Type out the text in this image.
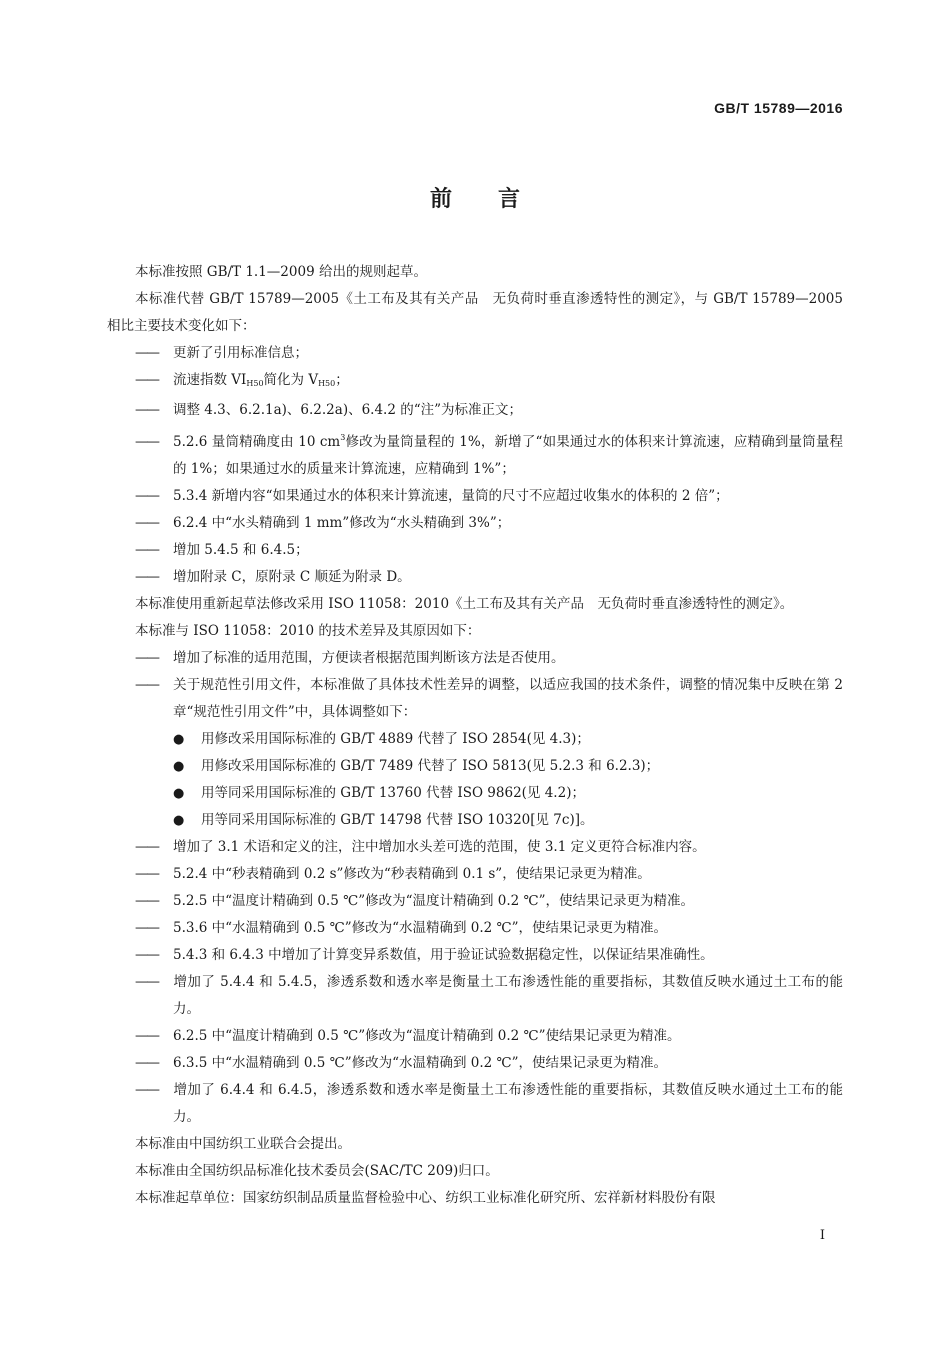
GB/T 15789—2016
前言
本标准按照 GB/T 1.1—2009 给出的规则起草。
本标准代替 GB/T 15789—2005《土工布及其有关产品　无负荷时垂直渗透特性的测定》，与 GB/T 15789—2005 相比主要技术变化如下：
—— 更新了引用标准信息；
—— 流速指数 $VI_{H50}$简化为 $V_{H50}$；
—— 调整 4.3、6.2.1a)、6.2.2a)、6.4.2 的“注”为标准正文；
—— 5.2.6 量筒精确度由 10 $cm^3$修改为量筒量程的 1%，新增了“如果通过水的体积来计算流速，应精确到量筒量程的 1%；如果通过水的质量来计算流速，应精确到 1%”；
—— 5.3.4 新增内容“如果通过水的体积来计算流速，量筒的尺寸不应超过收集水的体积的 2 倍”；
—— 6.2.4 中“水头精确到 1 mm”修改为“水头精确到 3%”；
—— 增加 5.4.5 和 6.4.5；
—— 增加附录 C，原附录 C 顺延为附录 D。
本标准使用重新起草法修改采用 ISO 11058：2010《土工布及其有关产品　无负荷时垂直渗透特性的测定》。
本标准与 ISO 11058：2010 的技术差异及其原因如下：
—— 增加了标准的适用范围，方便读者根据范围判断该方法是否使用。
—— 关于规范性引用文件，本标准做了具体技术性差异的调整，以适应我国的技术条件，调整的情况集中反映在第 2 章“规范性引用文件”中，具体调整如下：
● 用修改采用国际标准的 GB/T 4889 代替了 ISO 2854(见 4.3)；
● 用修改采用国际标准的 GB/T 7489 代替了 ISO 5813(见 5.2.3 和 6.2.3)；
● 用等同采用国际标准的 GB/T 13760 代替 ISO 9862(见 4.2)；
● 用等同采用国际标准的 GB/T 14798 代替 ISO 10320[见 7c)]。
—— 增加了 3.1 术语和定义的注，注中增加水头差可选的范围，使 3.1 定义更符合标准内容。
—— 5.2.4 中“秒表精确到 0.2 s”修改为“秒表精确到 0.1 s”，使结果记录更为精准。
—— 5.2.5 中“温度计精确到 0.5 ℃”修改为“温度计精确到 0.2 ℃”，使结果记录更为精准。
—— 5.3.6 中“水温精确到 0.5 ℃”修改为“水温精确到 0.2 ℃”，使结果记录更为精准。
—— 5.4.3 和 6.4.3 中增加了计算变异系数值，用于验证试验数据稳定性，以保证结果准确性。
—— 增加了 5.4.4 和 5.4.5，渗透系数和透水率是衡量土工布渗透性能的重要指标，其数值反映水通过土工布的能力。
—— 6.2.5 中“温度计精确到 0.5 ℃”修改为“温度计精确到 0.2 ℃”使结果记录更为精准。
—— 6.3.5 中“水温精确到 0.5 ℃”修改为“水温精确到 0.2 ℃”，使结果记录更为精准。
—— 增加了 6.4.4 和 6.4.5，渗透系数和透水率是衡量土工布渗透性能的重要指标，其数值反映水通过土工布的能力。
本标准由中国纺织工业联合会提出。
本标准由全国纺织品标准化技术委员会(SAC/TC 209)归口。
本标准起草单位：国家纺织制品质量监督检验中心、纺织工业标准化研究所、宏祥新材料股份有限
Ⅰ
